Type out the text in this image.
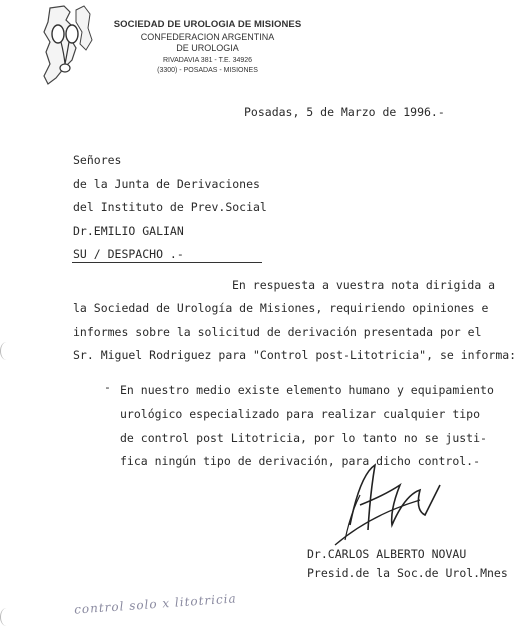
SOCIEDAD DE UROLOGIA DE MISIONES
CONFEDERACION ARGENTINA
DE UROLOGIA
RIVADAVIA 381 - T.E. 34926
(3300) - POSADAS - MISIONES
Posadas, 5 de Marzo de 1996.-
Señores
de la Junta de Derivaciones
del Instituto de Prev.Social
Dr.EMILIO GALIAN
SU / DESPACHO .-
En respuesta a vuestra nota dirigida a
la Sociedad de Urología de Misiones, requiriendo opiniones e
informes sobre la solicitud de derivación presentada por el
Sr. Miguel Rodriguez para "Control post-Litotricia", se informa:
- En nuestro medio existe elemento humano y equipamiento
urológico especializado para realizar cualquier tipo
de control post Litotricia, por lo tanto no se justi-
fica ningún tipo de derivación, para dicho control.-
Dr.CARLOS ALBERTO NOVAU
Presid.de la Soc.de Urol.Mnes
control solo x litotricia
